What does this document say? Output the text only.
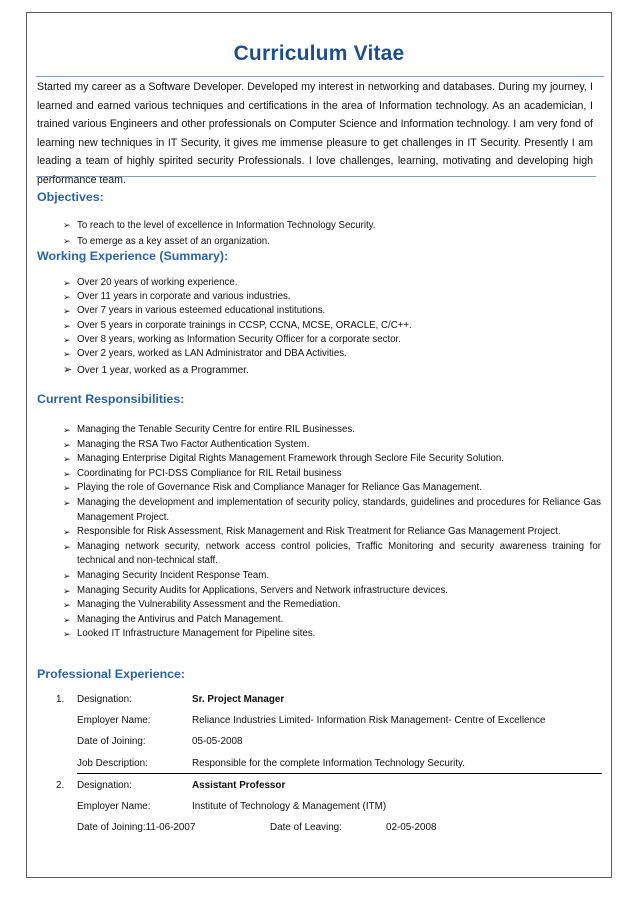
Curriculum Vitae

Started my career as a Software Developer. Developed my interest in networking and databases. During my journey, I learned and earned various techniques and certifications in the area of Information technology. As an academician, I trained various Engineers and other professionals on Computer Science and Information technology. I am very fond of learning new techniques in IT Security, it gives me immense pleasure to get challenges in IT Security. Presently I am leading a team of highly spirited security Professionals. I love challenges, learning, motivating and developing high performance team.

Objectives:
➢ To reach to the level of excellence in Information Technology Security.
➢ To emerge as a key asset of an organization.
Working Experience (Summary):
➢ Over 20 years of working experience.
➢ Over 11 years in corporate and various industries.
➢ Over 7 years in various esteemed educational institutions.
➢ Over 5 years in corporate trainings in CCSP, CCNA, MCSE, ORACLE, C/C++.
➢ Over 8 years, working as Information Security Officer for a corporate sector.
➢ Over 2 years, worked as LAN Administrator and DBA Activities.
➢ Over 1 year, worked as a Programmer.
Current Responsibilities:
➢ Managing the Tenable Security Centre for entire RIL Businesses.
➢ Managing the RSA Two Factor Authentication System.
➢ Managing Enterprise Digital Rights Management Framework through Seclore File Security Solution.
➢ Coordinating for PCI-DSS Compliance for RIL Retail business
➢ Playing the role of Governance Risk and Compliance Manager for Reliance Gas Management.
➢ Managing the development and implementation of security policy, standards, guidelines and procedures for Reliance Gas Management Project.
➢ Responsible for Risk Assessment, Risk Management and Risk Treatment for Reliance Gas Management Project.
➢ Managing network security, network access control policies, Traffic Monitoring and security awareness training for technical and non-technical staff.
➢ Managing Security Incident Response Team.
➢ Managing Security Audits for Applications, Servers and Network infrastructure devices.
➢ Managing the Vulnerability Assessment and the Remediation.
➢ Managing the Antivirus and Patch Management.
➢ Looked IT Infrastructure Management for Pipeline sites.
Professional Experience:
1. Designation:	Sr. Project Manager
Employer Name:	Reliance Industries Limited- Information Risk Management- Centre of Excellence
Date of Joining:	05-05-2008
Job Description:	Responsible for the complete Information Technology Security.
2. Designation:	Assistant Professor
Employer Name:	Institute of Technology & Management (ITM)
Date of Joining:11-06-2007	Date of Leaving:	02-05-2008
